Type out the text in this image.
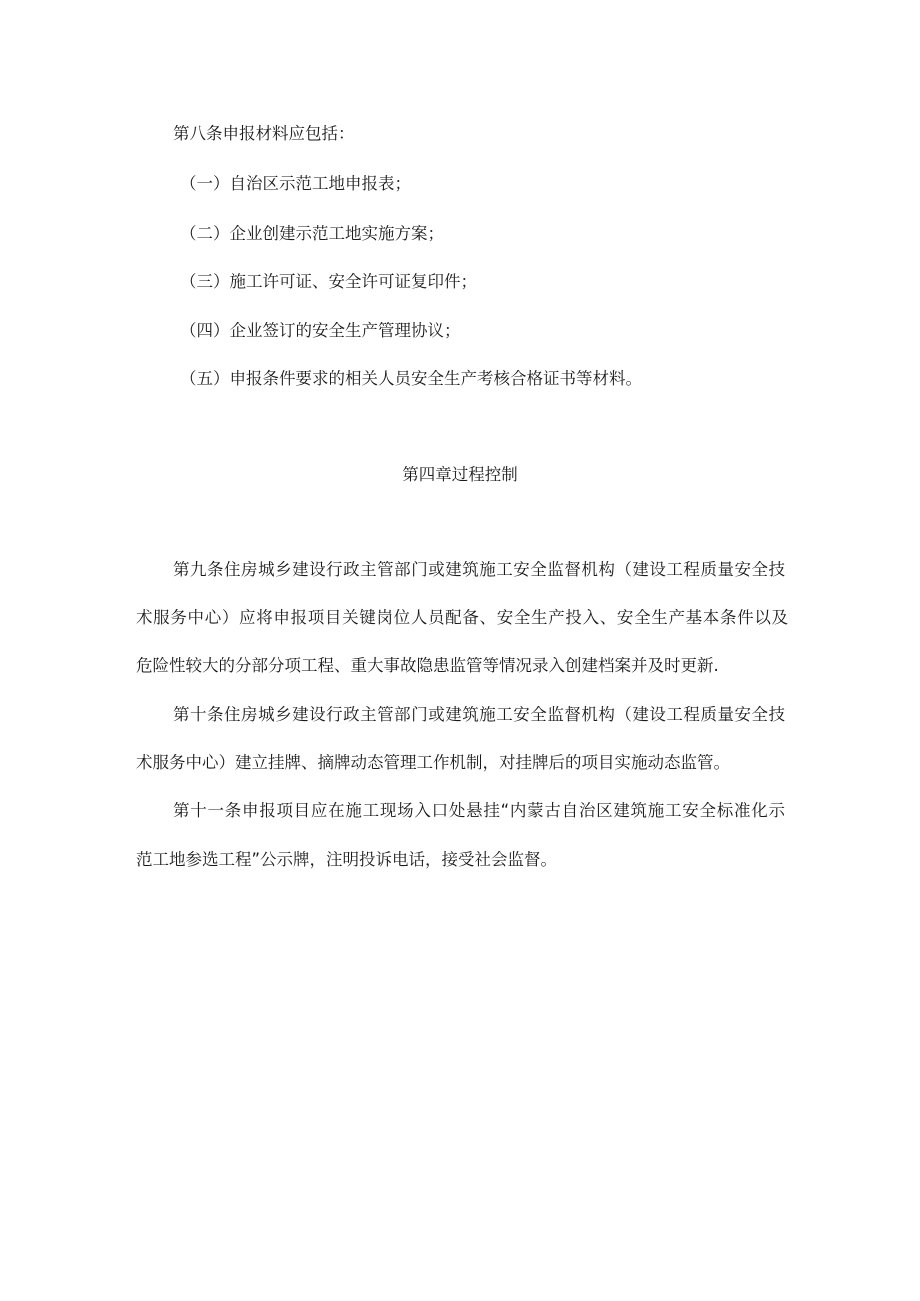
第八条申报材料应包括：
（一）自治区示范工地申报表；
（二）企业创建示范工地实施方案；
（三）施工许可证、安全许可证复印件；
（四）企业签订的安全生产管理协议；
（五）申报条件要求的相关人员安全生产考核合格证书等材料。
第四章过程控制
第九条住房城乡建设行政主管部门或建筑施工安全监督机构（建设工程质量安全技
术服务中心）应将申报项目关键岗位人员配备、安全生产投入、安全生产基本条件以及
危险性较大的分部分项工程、重大事故隐患监管等情况录入创建档案并及时更新.
第十条住房城乡建设行政主管部门或建筑施工安全监督机构（建设工程质量安全技
术服务中心）建立挂牌、摘牌动态管理工作机制，对挂牌后的项目实施动态监管。
第十一条申报项目应在施工现场入口处悬挂“内蒙古自治区建筑施工安全标准化示
范工地参选工程”公示牌，注明投诉电话，接受社会监督。
